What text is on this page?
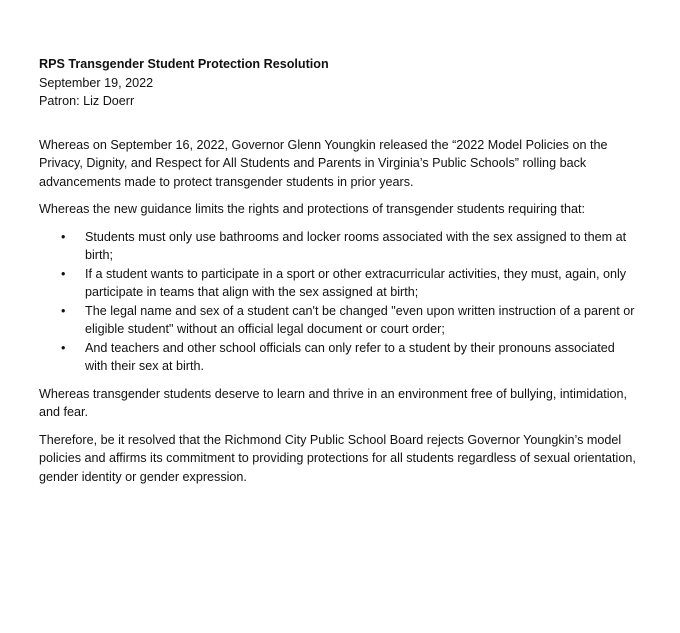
RPS Transgender Student Protection Resolution
September 19, 2022
Patron: Liz Doerr

Whereas on September 16, 2022, Governor Glenn Youngkin released the “2022 Model Policies on the Privacy, Dignity, and Respect for All Students and Parents in Virginia’s Public Schools” rolling back advancements made to protect transgender students in prior years.

Whereas the new guidance limits the rights and protections of transgender students requiring that:

• Students must only use bathrooms and locker rooms associated with the sex assigned to them at birth;
• If a student wants to participate in a sport or other extracurricular activities, they must, again, only participate in teams that align with the sex assigned at birth;
• The legal name and sex of a student can't be changed "even upon written instruction of a parent or eligible student" without an official legal document or court order;
• And teachers and other school officials can only refer to a student by their pronouns associated with their sex at birth.

Whereas transgender students deserve to learn and thrive in an environment free of bullying, intimidation, and fear.

Therefore, be it resolved that the Richmond City Public School Board rejects Governor Youngkin’s model policies and affirms its commitment to providing protections for all students regardless of sexual orientation, gender identity or gender expression.
